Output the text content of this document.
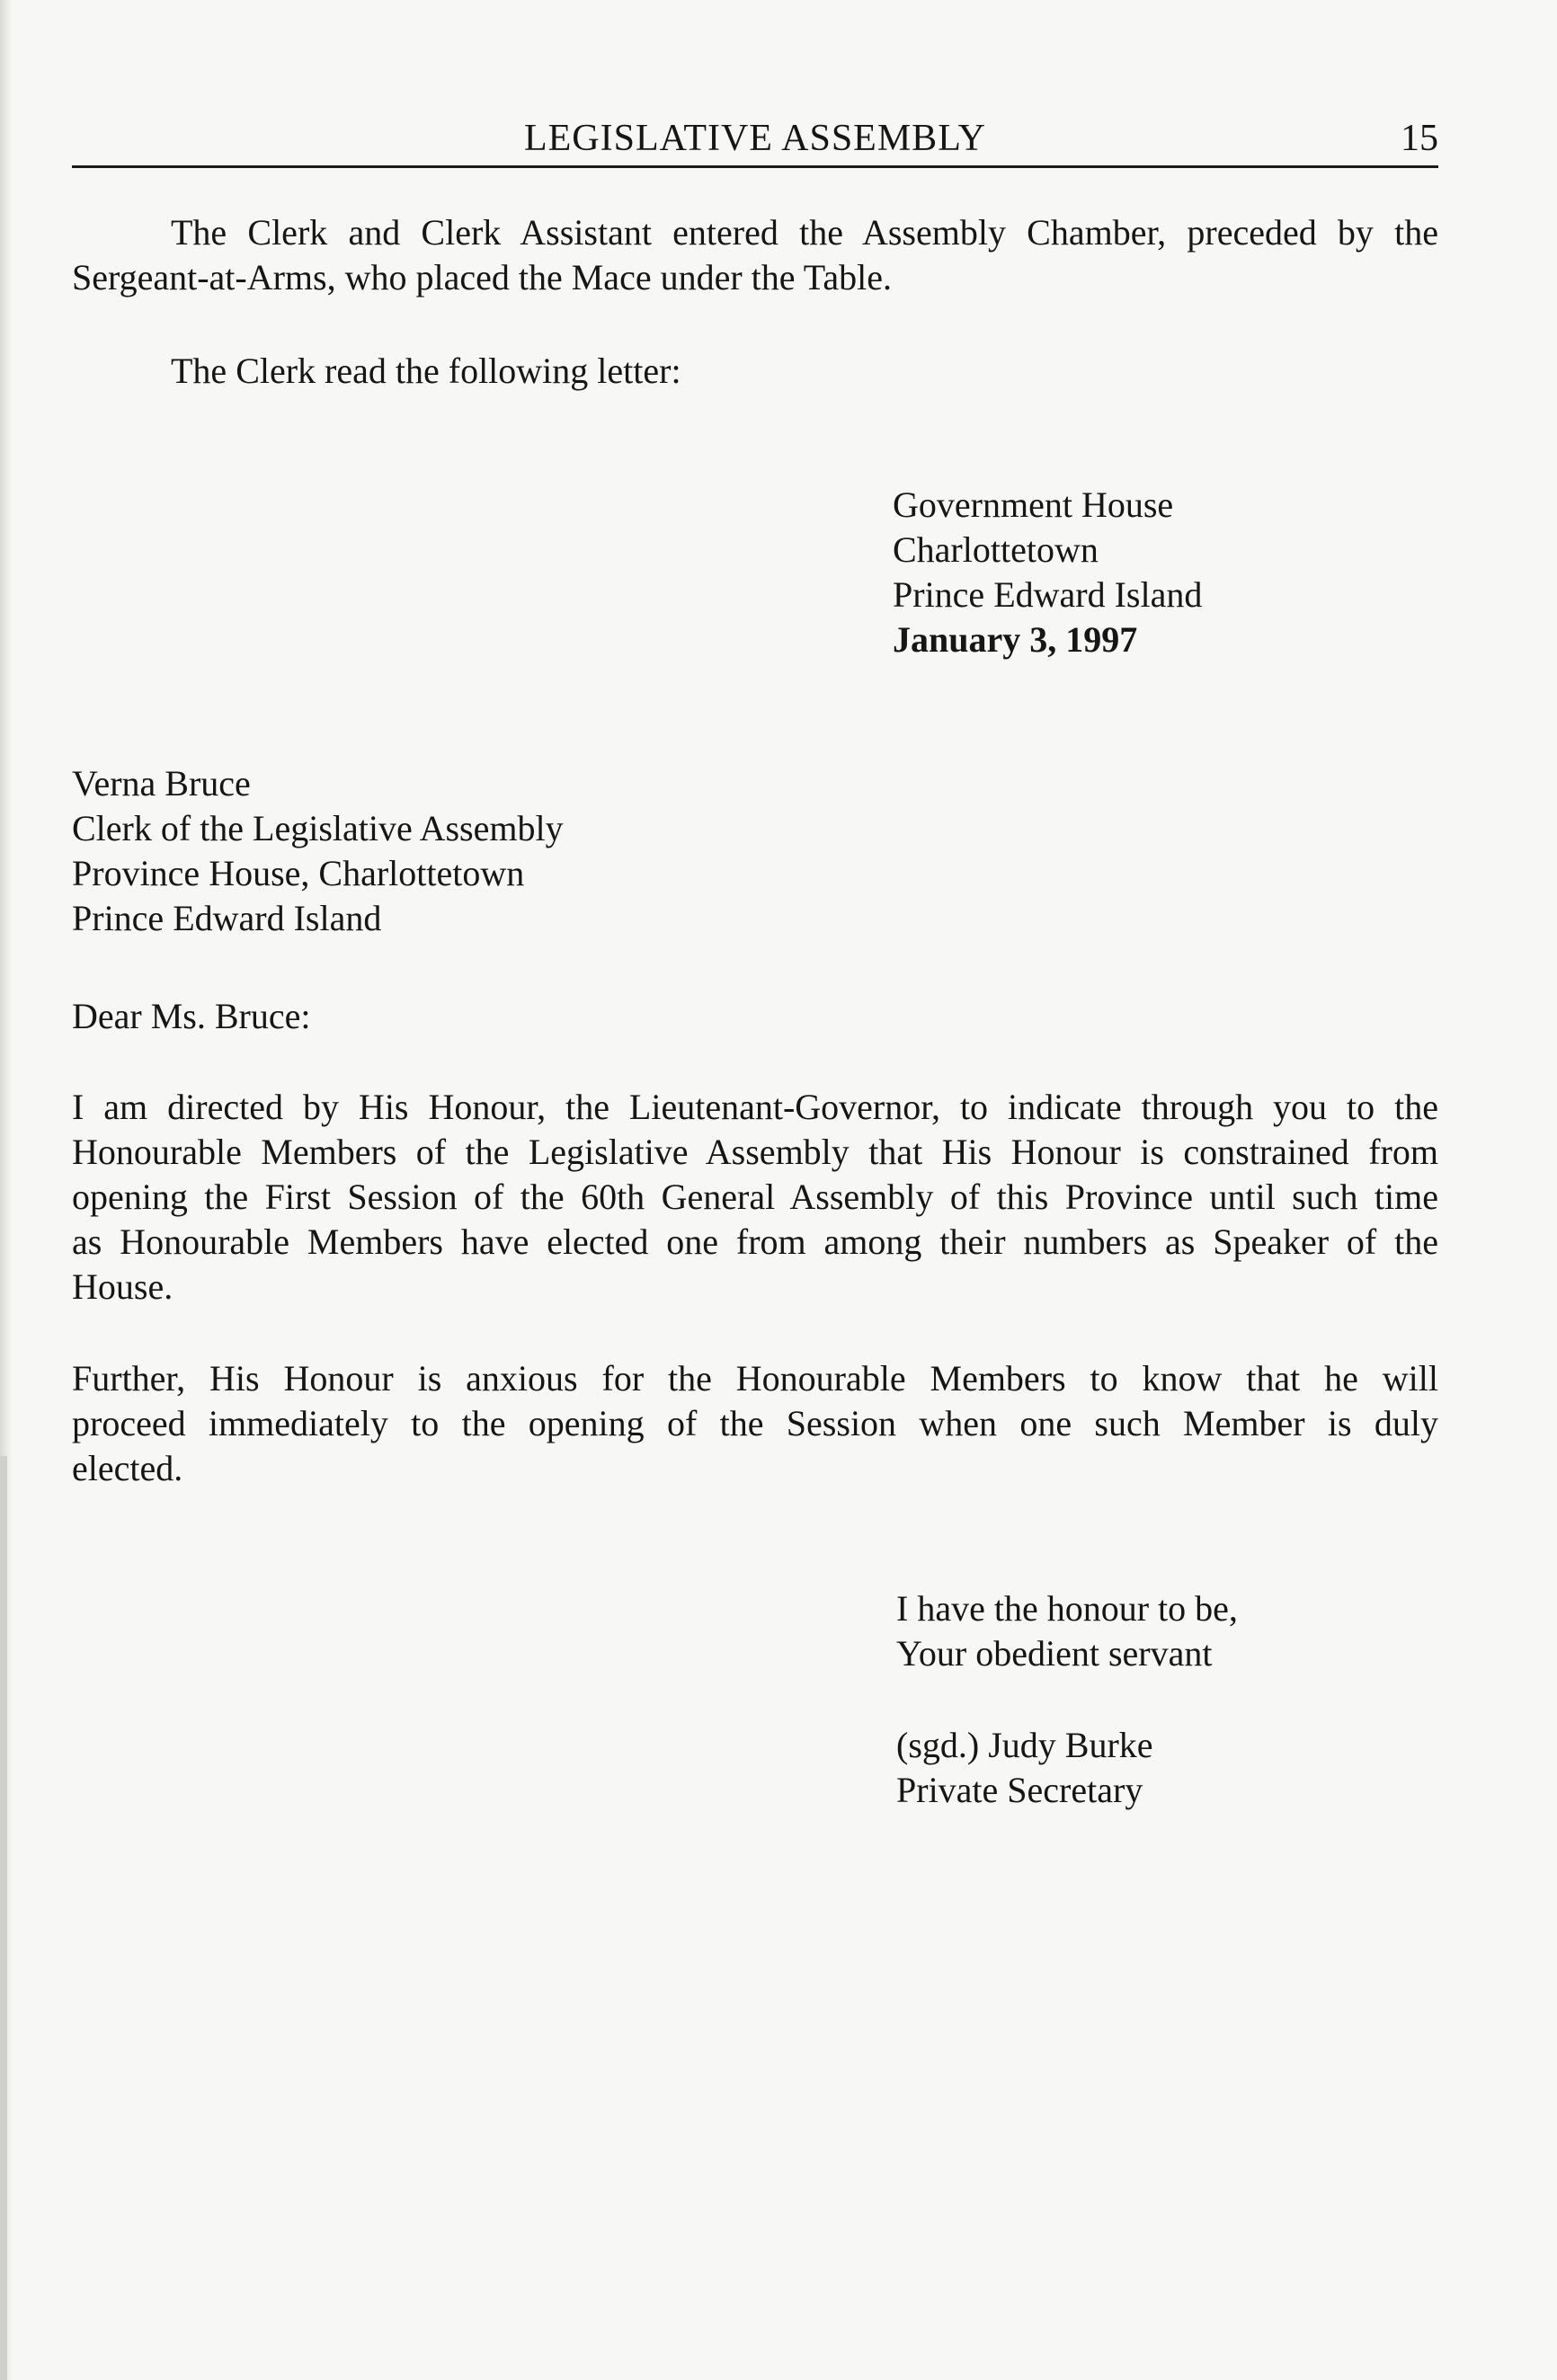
LEGISLATIVE ASSEMBLY	15
The Clerk and Clerk Assistant entered the Assembly Chamber, preceded by the
Sergeant-at-Arms, who placed the Mace under the Table.
The Clerk read the following letter:
Government House
Charlottetown
Prince Edward Island
January 3, 1997
Verna Bruce
Clerk of the Legislative Assembly
Province House, Charlottetown
Prince Edward Island
Dear Ms. Bruce:
I am directed by His Honour, the Lieutenant-Governor, to indicate through you to the
Honourable Members of the Legislative Assembly that His Honour is constrained from
opening the First Session of the 60th General Assembly of this Province until such time
as Honourable Members have elected one from among their numbers as Speaker of the
House.
Further, His Honour is anxious for the Honourable Members to know that he will
proceed immediately to the opening of the Session when one such Member is duly
elected.
I have the honour to be,
Your obedient servant
(sgd.) Judy Burke
Private Secretary
